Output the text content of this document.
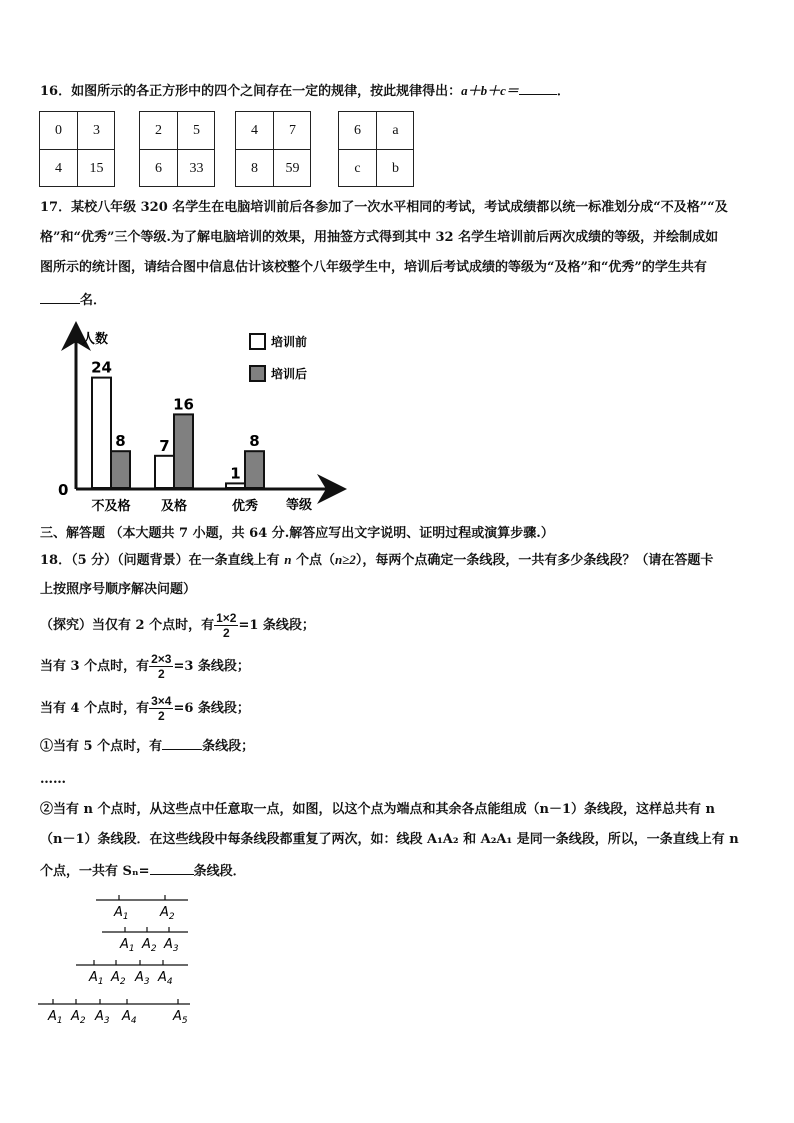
16．如图所示的各正方形中的四个之间存在一定的规律，按此规律得出：a＋b＋c＝	．
0	3
4	15
2	5
6	33
4	7
8	59
6	a
c	b
17．某校八年级 320 名学生在电脑培训前后各参加了一次水平相同的考试，考试成绩都以统一标准划分成“不及格”“及
格”和“优秀”三个等级.为了解电脑培训的效果，用抽签方式得到其中 32 名学生培训前后两次成绩的等级，并绘制成如
图所示的统计图，请结合图中信息估计该校整个八年级学生中，培训后考试成绩的等级为“及格”和“优秀”的学生共有
名．
人数
等级
0
24
8
不及格
7
16
及格
1
8
优秀
培训前
培训后
三、解答题 （本大题共 7 小题，共 64 分.解答应写出文字说明、证明过程或演算步骤.）
18．（5 分）（问题背景）在一条直线上有 n 个点（n≥2），每两个点确定一条线段，一共有多少条线段？（请在答题卡
上按照序号顺序解决问题）
（探究）当仅有 2 个点时，有 $\frac{1\times 2}{2} =1$ 条线段；
当有 3 个点时，有 $\frac{2\times 3}{2} =3$ 条线段；
当有 4 个点时，有 $\frac{3\times 4}{2} =6$ 条线段；
①当有 5 个点时，有	条线段；
……
②当有 n 个点时，从这些点中任意取一点，如图，以这个点为端点和其余各点能组成（n－1）条线段，这样总共有 n
（n－1）条线段．在这些线段中每条线段都重复了两次，如：线段 A₁A₂ 和 A₂A₁ 是同一条线段，所以，一条直线上有 n
个点，一共有 Sₙ=	条线段．
$A_1$ $A_2$
$A_1$ $A_2$ $A_3$
$A_1$ $A_2$ $A_3$ $A_4$
$A_1$ $A_2$ $A_3$ $A_4$	$A_5$
